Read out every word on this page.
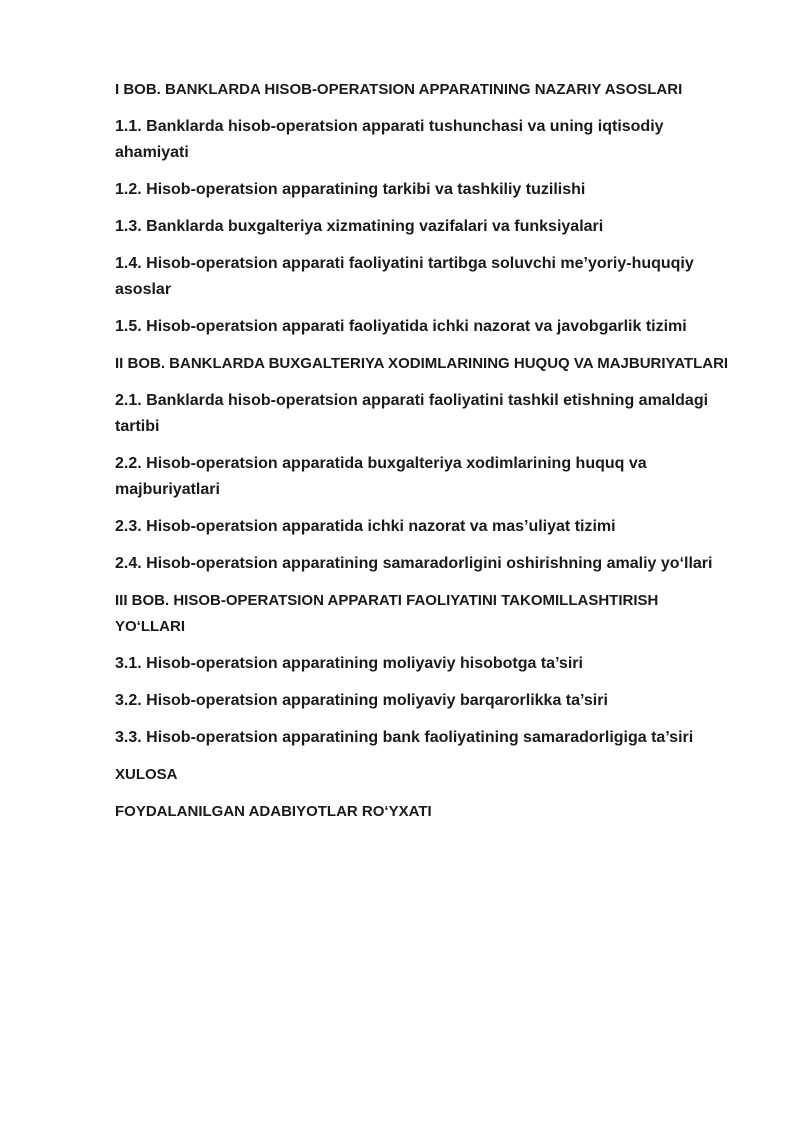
I BOB. BANKLARDA HISOB-OPERATSION APPARATINING NAZARIY ASOSLARI

1.1. Banklarda hisob-operatsion apparati tushunchasi va uning iqtisodiy ahamiyati

1.2. Hisob-operatsion apparatining tarkibi va tashkiliy tuzilishi

1.3. Banklarda buxgalteriya xizmatining vazifalari va funksiyalari

1.4. Hisob-operatsion apparati faoliyatini tartibga soluvchi me’yoriy-huquqiy asoslar

1.5. Hisob-operatsion apparati faoliyatida ichki nazorat va javobgarlik tizimi

II BOB. BANKLARDA BUXGALTERIYA XODIMLARINING HUQUQ VA MAJBURIYATLARI

2.1. Banklarda hisob-operatsion apparati faoliyatini tashkil etishning amaldagi tartibi

2.2. Hisob-operatsion apparatida buxgalteriya xodimlarining huquq va majburiyatlari

2.3. Hisob-operatsion apparatida ichki nazorat va mas’uliyat tizimi

2.4. Hisob-operatsion apparatining samaradorligini oshirishning amaliy yo‘llari

III BOB. HISOB-OPERATSION APPARATI FAOLIYATINI TAKOMILLASHTIRISH YO‘LLARI

3.1. Hisob-operatsion apparatining moliyaviy hisobotga ta’siri

3.2. Hisob-operatsion apparatining moliyaviy barqarorlikka ta’siri

3.3. Hisob-operatsion apparatining bank faoliyatining samaradorligiga ta’siri

XULOSA

FOYDALANILGAN ADABIYOTLAR RO‘YXATI
